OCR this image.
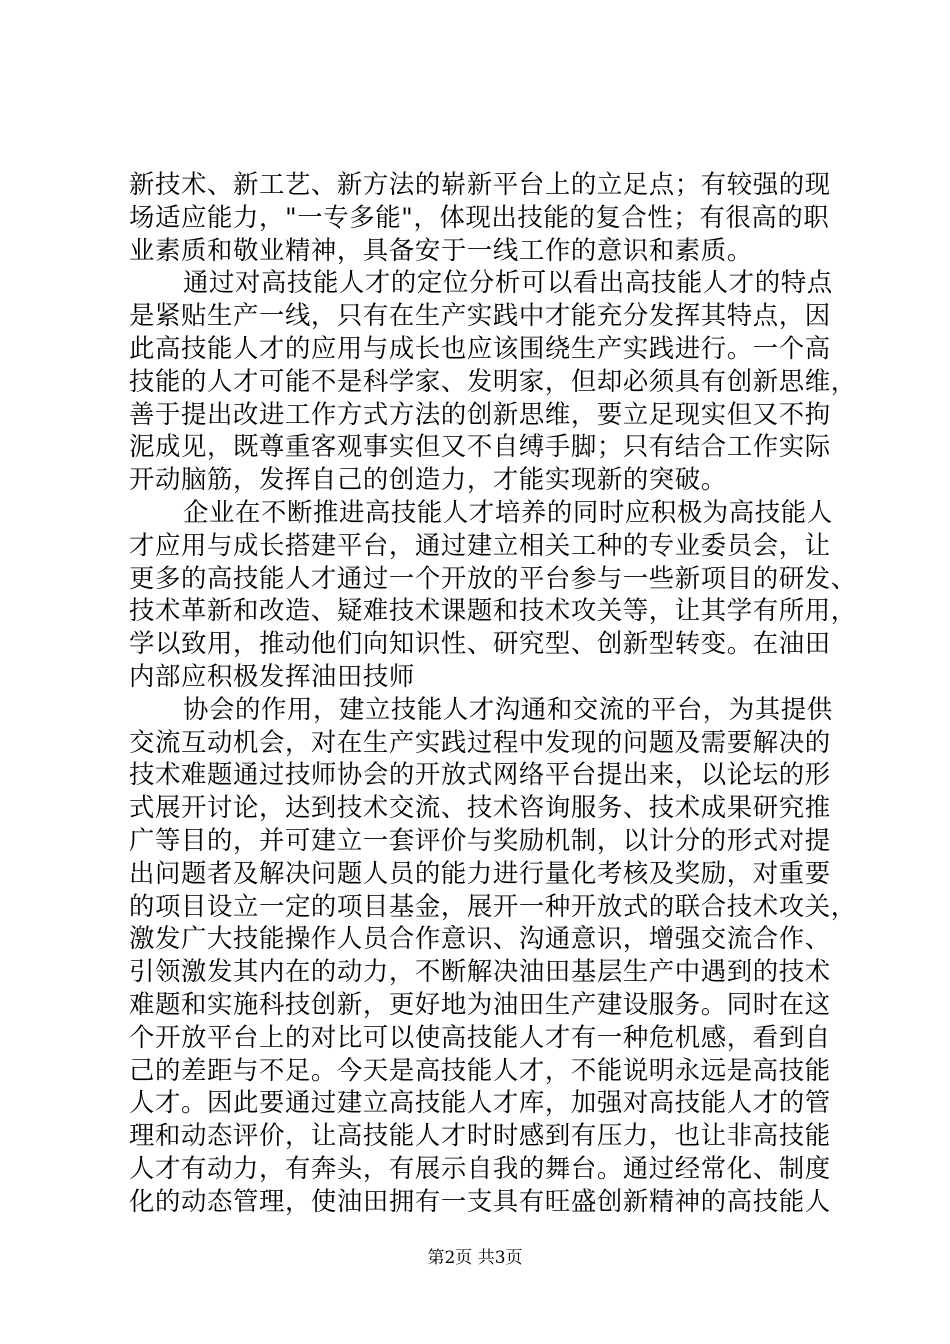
新技术、新工艺、新方法的崭新平台上的立足点；有较强的现
场适应能力，"一专多能"，体现出技能的复合性；有很高的职
业素质和敬业精神，具备安于一线工作的意识和素质。
通过对高技能人才的定位分析可以看出高技能人才的特点
是紧贴生产一线，只有在生产实践中才能充分发挥其特点，因
此高技能人才的应用与成长也应该围绕生产实践进行。一个高
技能的人才可能不是科学家、发明家，但却必须具有创新思维，
善于提出改进工作方式方法的创新思维，要立足现实但又不拘
泥成见，既尊重客观事实但又不自缚手脚；只有结合工作实际
开动脑筋，发挥自己的创造力，才能实现新的突破。
企业在不断推进高技能人才培养的同时应积极为高技能人
才应用与成长搭建平台，通过建立相关工种的专业委员会，让
更多的高技能人才通过一个开放的平台参与一些新项目的研发、
技术革新和改造、疑难技术课题和技术攻关等，让其学有所用，
学以致用，推动他们向知识性、研究型、创新型转变。在油田
内部应积极发挥油田技师
协会的作用，建立技能人才沟通和交流的平台，为其提供
交流互动机会，对在生产实践过程中发现的问题及需要解决的
技术难题通过技师协会的开放式网络平台提出来，以论坛的形
式展开讨论，达到技术交流、技术咨询服务、技术成果研究推
广等目的，并可建立一套评价与奖励机制，以计分的形式对提
出问题者及解决问题人员的能力进行量化考核及奖励，对重要
的项目设立一定的项目基金，展开一种开放式的联合技术攻关，
激发广大技能操作人员合作意识、沟通意识，增强交流合作、
引领激发其内在的动力，不断解决油田基层生产中遇到的技术
难题和实施科技创新，更好地为油田生产建设服务。同时在这
个开放平台上的对比可以使高技能人才有一种危机感，看到自
己的差距与不足。今天是高技能人才，不能说明永远是高技能
人才。因此要通过建立高技能人才库，加强对高技能人才的管
理和动态评价，让高技能人才时时感到有压力，也让非高技能
人才有动力，有奔头，有展示自我的舞台。通过经常化、制度
化的动态管理，使油田拥有一支具有旺盛创新精神的高技能人
第2页 共3页
